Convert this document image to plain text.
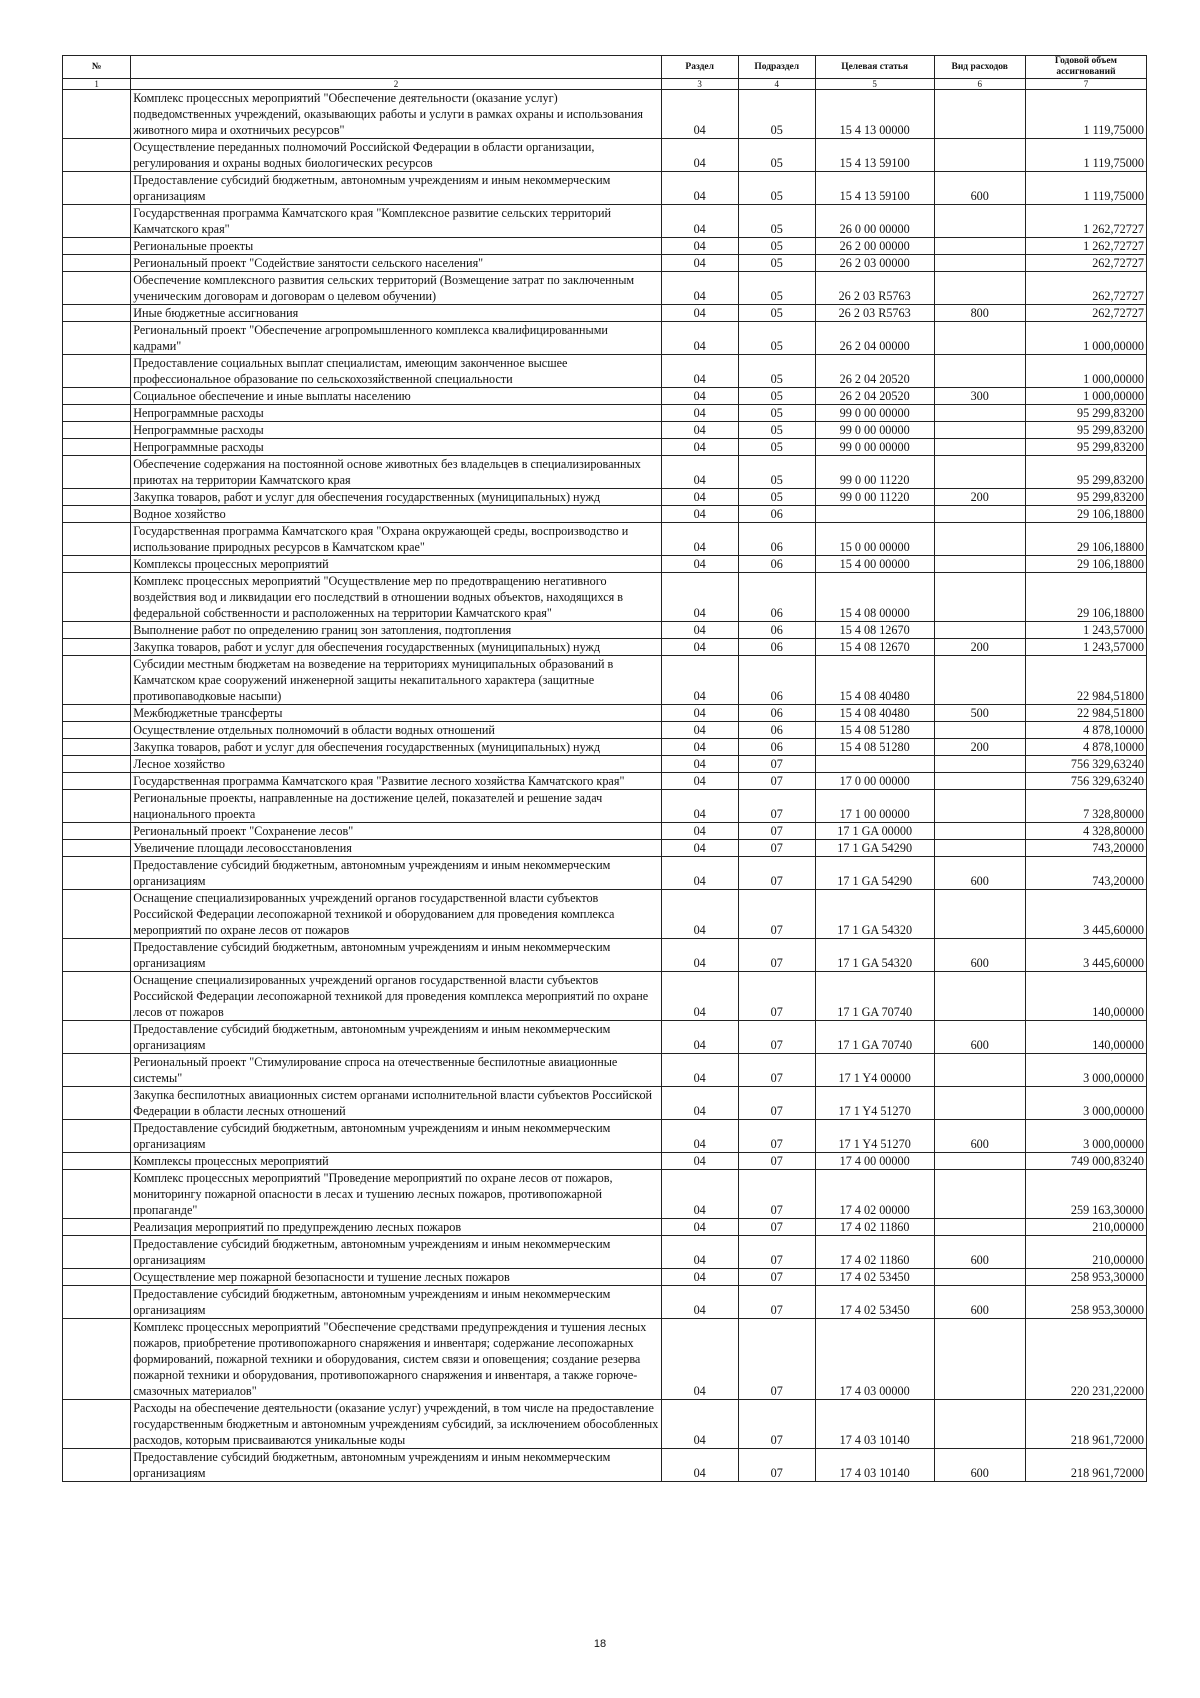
№		Раздел	Подраздел	Целевая статья	Вид расходов	Годовой объем ассигнований
1	2	3	4	5	6	7
	Комплекс процессных мероприятий "Обеспечение деятельности (оказание услуг) подведомственных учреждений, оказывающих работы и услуги в рамках охраны и использования животного мира и охотничьих ресурсов"	04	05	15 4 13 00000		1 119,75000
	Осуществление переданных полномочий Российской Федерации в области организации, регулирования и охраны водных биологических ресурсов	04	05	15 4 13 59100		1 119,75000
	Предоставление субсидий бюджетным, автономным учреждениям и иным некоммерческим организациям	04	05	15 4 13 59100	600	1 119,75000
	Государственная программа Камчатского края "Комплексное развитие сельских территорий Камчатского края"	04	05	26 0 00 00000		1 262,72727
	Региональные проекты	04	05	26 2 00 00000		1 262,72727
	Региональный проект "Содействие занятости сельского населения"	04	05	26 2 03 00000		262,72727
	Обеспечение комплексного развития сельских территорий (Возмещение затрат по заключенным ученическим договорам и договорам о целевом обучении)	04	05	26 2 03 R5763		262,72727
	Иные бюджетные ассигнования	04	05	26 2 03 R5763	800	262,72727
	Региональный проект "Обеспечение агропромышленного комплекса квалифицированными кадрами"	04	05	26 2 04 00000		1 000,00000
	Предоставление социальных выплат специалистам, имеющим законченное высшее профессиональное образование по сельскохозяйственной специальности	04	05	26 2 04 20520		1 000,00000
	Социальное обеспечение и иные выплаты населению	04	05	26 2 04 20520	300	1 000,00000
	Непрограммные расходы	04	05	99 0 00 00000		95 299,83200
	Непрограммные расходы	04	05	99 0 00 00000		95 299,83200
	Непрограммные расходы	04	05	99 0 00 00000		95 299,83200
	Обеспечение содержания на постоянной основе животных без владельцев в специализированных приютах на территории Камчатского края	04	05	99 0 00 11220		95 299,83200
	Закупка товаров, работ и услуг для обеспечения государственных (муниципальных) нужд	04	05	99 0 00 11220	200	95 299,83200
	Водное хозяйство	04	06			29 106,18800
	Государственная программа Камчатского края "Охрана окружающей среды, воспроизводство и использование природных ресурсов в Камчатском крае"	04	06	15 0 00 00000		29 106,18800
	Комплексы процессных мероприятий	04	06	15 4 00 00000		29 106,18800
	Комплекс процессных мероприятий "Осуществление мер по предотвращению негативного воздействия вод и ликвидации его последствий в отношении водных объектов, находящихся в федеральной собственности и расположенных на территории Камчатского края"	04	06	15 4 08 00000		29 106,18800
	Выполнение работ по определению границ зон затопления, подтопления	04	06	15 4 08 12670		1 243,57000
	Закупка товаров, работ и услуг для обеспечения государственных (муниципальных) нужд	04	06	15 4 08 12670	200	1 243,57000
	Субсидии местным бюджетам на возведение на территориях муниципальных образований в Камчатском крае сооружений инженерной защиты некапитального характера (защитные противопаводковые насыпи)	04	06	15 4 08 40480		22 984,51800
	Межбюджетные трансферты	04	06	15 4 08 40480	500	22 984,51800
	Осуществление отдельных полномочий в области водных отношений	04	06	15 4 08 51280		4 878,10000
	Закупка товаров, работ и услуг для обеспечения государственных (муниципальных) нужд	04	06	15 4 08 51280	200	4 878,10000
	Лесное хозяйство	04	07			756 329,63240
	Государственная программа Камчатского края "Развитие лесного хозяйства Камчатского края"	04	07	17 0 00 00000		756 329,63240
	Региональные проекты, направленные на достижение целей, показателей и решение задач национального проекта	04	07	17 1 00 00000		7 328,80000
	Региональный проект "Сохранение лесов"	04	07	17 1 GA 00000		4 328,80000
	Увеличение площади лесовосстановления	04	07	17 1 GA 54290		743,20000
	Предоставление субсидий бюджетным, автономным учреждениям и иным некоммерческим организациям	04	07	17 1 GA 54290	600	743,20000
	Оснащение специализированных учреждений органов государственной власти субъектов Российской Федерации лесопожарной техникой и оборудованием для проведения комплекса мероприятий по охране лесов от пожаров	04	07	17 1 GA 54320		3 445,60000
	Предоставление субсидий бюджетным, автономным учреждениям и иным некоммерческим организациям	04	07	17 1 GA 54320	600	3 445,60000
	Оснащение специализированных учреждений органов государственной власти субъектов Российской Федерации лесопожарной техникой для проведения комплекса мероприятий по охране лесов от пожаров	04	07	17 1 GA 70740		140,00000
	Предоставление субсидий бюджетным, автономным учреждениям и иным некоммерческим организациям	04	07	17 1 GA 70740	600	140,00000
	Региональный проект "Стимулирование спроса на отечественные беспилотные авиационные системы"	04	07	17 1 Y4 00000		3 000,00000
	Закупка беспилотных авиационных систем органами исполнительной власти субъектов Российской Федерации в области лесных отношений	04	07	17 1 Y4 51270		3 000,00000
	Предоставление субсидий бюджетным, автономным учреждениям и иным некоммерческим организациям	04	07	17 1 Y4 51270	600	3 000,00000
	Комплексы процессных мероприятий	04	07	17 4 00 00000		749 000,83240
	Комплекс процессных мероприятий "Проведение мероприятий по охране лесов от пожаров, мониторингу пожарной опасности в лесах и тушению лесных пожаров, противопожарной пропаганде"	04	07	17 4 02 00000		259 163,30000
	Реализация мероприятий по предупреждению лесных пожаров	04	07	17 4 02 11860		210,00000
	Предоставление субсидий бюджетным, автономным учреждениям и иным некоммерческим организациям	04	07	17 4 02 11860	600	210,00000
	Осуществление мер пожарной безопасности и тушение лесных пожаров	04	07	17 4 02 53450		258 953,30000
	Предоставление субсидий бюджетным, автономным учреждениям и иным некоммерческим организациям	04	07	17 4 02 53450	600	258 953,30000
	Комплекс процессных мероприятий "Обеспечение средствами предупреждения и тушения лесных пожаров, приобретение противопожарного снаряжения и инвентаря; содержание лесопожарных формирований, пожарной техники и оборудования, систем связи и оповещения; создание резерва пожарной техники и оборудования, противопожарного снаряжения и инвентаря, а также горюче-смазочных материалов"	04	07	17 4 03 00000		220 231,22000
	Расходы на обеспечение деятельности (оказание услуг) учреждений, в том числе на предоставление государственным бюджетным и автономным учреждениям субсидий, за исключением обособленных расходов, которым присваиваются уникальные коды	04	07	17 4 03 10140		218 961,72000
	Предоставление субсидий бюджетным, автономным учреждениям и иным некоммерческим организациям	04	07	17 4 03 10140	600	218 961,72000
18
